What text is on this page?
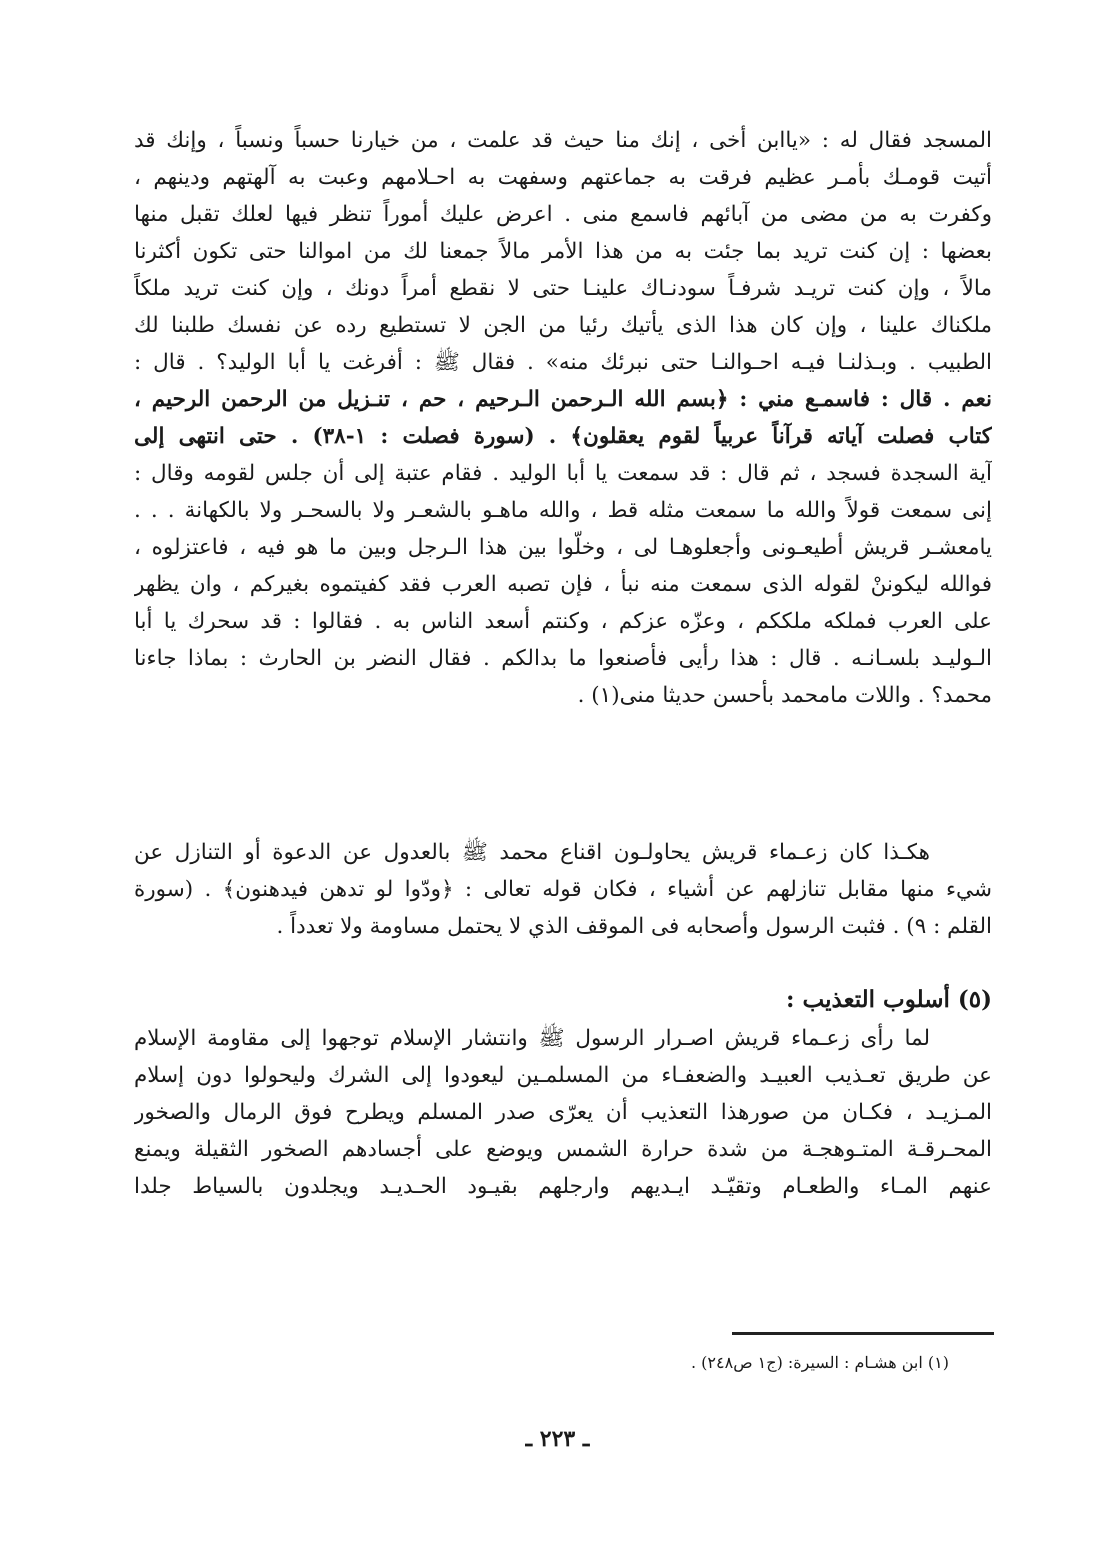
المسجد فقال له : «ياابن أخى ، إنك منا حيث قد علمت ، من خيارنا حسباً ونسباً ، وإنك قد
أتيت قومـك بأمـر عظيم فرقت به جماعتهم وسفهت به احـلامهم وعبت به آلهتهم ودينهم ،
وكفرت به من مضى من آبائهم فاسمع منى . اعرض عليك أموراً تنظر فيها لعلك تقبل منها
بعضها : إن كنت تريد بما جئت به من هذا الأمر مالاً جمعنا لك من اموالنا حتى تكون أكثرنا
مالاً ، وإن كنت تريـد شرفـاً سودنـاك علينـا حتى لا نقطع أمراً دونك ، وإن كنت تريد ملكاً
ملكناك علينا ، وإن كان هذا الذى يأتيك رئيا من الجن لا تستطيع رده عن نفسك طلبنا لك
الطبيب . وبـذلنـا فيـه احـوالنـا حتى نبرئك منه» . فقال ﷺ : أفرغت يا أبا الوليد؟ . قال :
نعم . قال : فاسمـع مني : ﴿بسم الله الـرحمن الـرحيم ، حم ، تنـزيل من الرحمن الرحيم ،
كتاب فصلت آياته قرآناً عربياً لقوم يعقلون﴾ . (سورة فصلت : ١-٣٨) . حتى انتهى إلى
آية السجدة فسجد ، ثم قال : قد سمعت يا أبا الوليد . فقام عتبة إلى أن جلس لقومه وقال :
إنى سمعت قولاً والله ما سمعت مثله قط ، والله ماهـو بالشعـر ولا بالسحـر ولا بالكهانة . . .
يامعشـر قريش أطيعـونى وأجعلوهـا لى ، وخلّوا بين هذا الـرجل وبين ما هو فيه ، فاعتزلوه ،
فوالله ليكوننْ لقوله الذى سمعت منه نبأ ، فإن تصبه العرب فقد كفيتموه بغيركم ، وان يظهر
على العرب فملكه ملككم ، وعزّه عزكم ، وكنتم أسعد الناس به . فقالوا : قد سحرك يا أبا
الـوليـد بلسـانـه . قال : هذا رأيى فأصنعوا ما بدالكم . فقال النضر بن الحارث : بماذا جاءنا
محمد؟ . واللات مامحمد بأحسن حديثا منى(١) .
هكـذا كان زعـماء قريش يحاولـون اقناع محمد ﷺ بالعدول عن الدعوة أو التنازل عن
شيء منها مقابل تنازلهم عن أشياء ، فكان قوله تعالى : ﴿ودّوا لو تدهن فيدهنون﴾ . (سورة
القلم : ٩) . فثبت الرسول وأصحابه فى الموقف الذي لا يحتمل مساومة ولا تعدداً .
(٥) أسلوب التعذيب :
لما رأى زعـماء قريش اصـرار الرسول ﷺ وانتشار الإسلام توجهوا إلى مقاومة الإسلام
عن طريق تعـذيب العبيـد والضعفـاء من المسلمـين ليعودوا إلى الشرك وليحولوا دون إسلام
المـزيـد ، فكـان من صورهذا التعذيب أن يعرّى صدر المسلم ويطرح فوق الرمال والصخور
المحـرقـة المتـوهجـة من شدة حرارة الشمس ويوضع على أجسادهم الصخور الثقيلة ويمنع
عنهم المـاء والطعـام وتقيّـد ايـديهم وارجلهم بقيـود الحـديـد ويجلدون بالسياط جلدا
(١) ابن هشـام : السيرة: (ج١ ص٢٤٨) .
ـ ٢٢٣ ـ
